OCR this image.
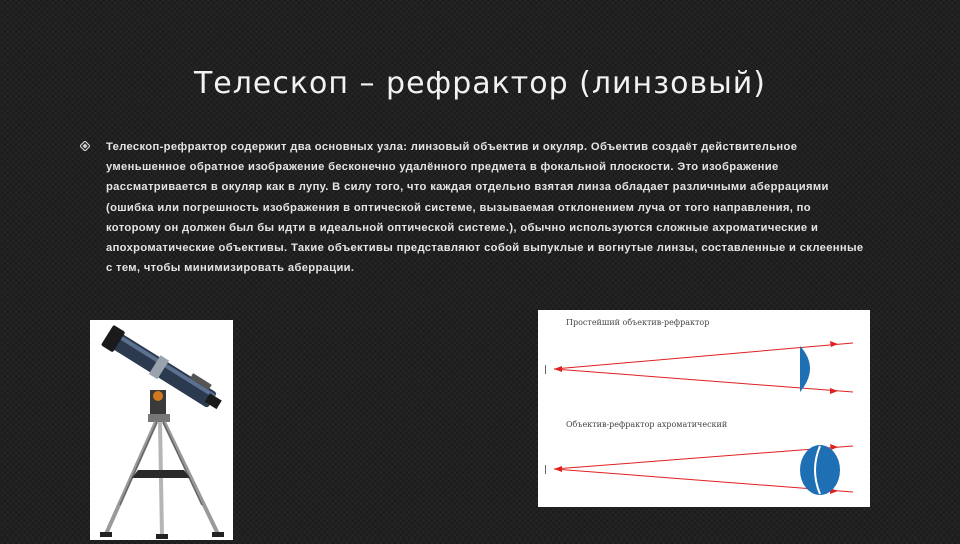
Телескоп – рефрактор (линзовый)
Телескоп-рефрактор содержит два основных узла: линзовый объектив и окуляр. Объектив создаёт действительное уменьшенное обратное изображение бесконечно удалённого предмета в фокальной плоскости. Это изображение рассматривается в окуляр как в лупу. В силу того, что каждая отдельно взятая линза обладает различными аберрациями (ошибка или погрешность изображения в оптической системе, вызываемая отклонением луча от того направления, по которому он должен был бы идти в идеальной оптической системе.), обычно используются сложные ахроматические и апохроматические объективы. Такие объективы представляют собой выпуклые и вогнутые линзы, составленные и склеенные с тем, чтобы минимизировать аберрации.
Простейший объектив-рефрактор
Объектив-рефрактор ахроматический
|
|
